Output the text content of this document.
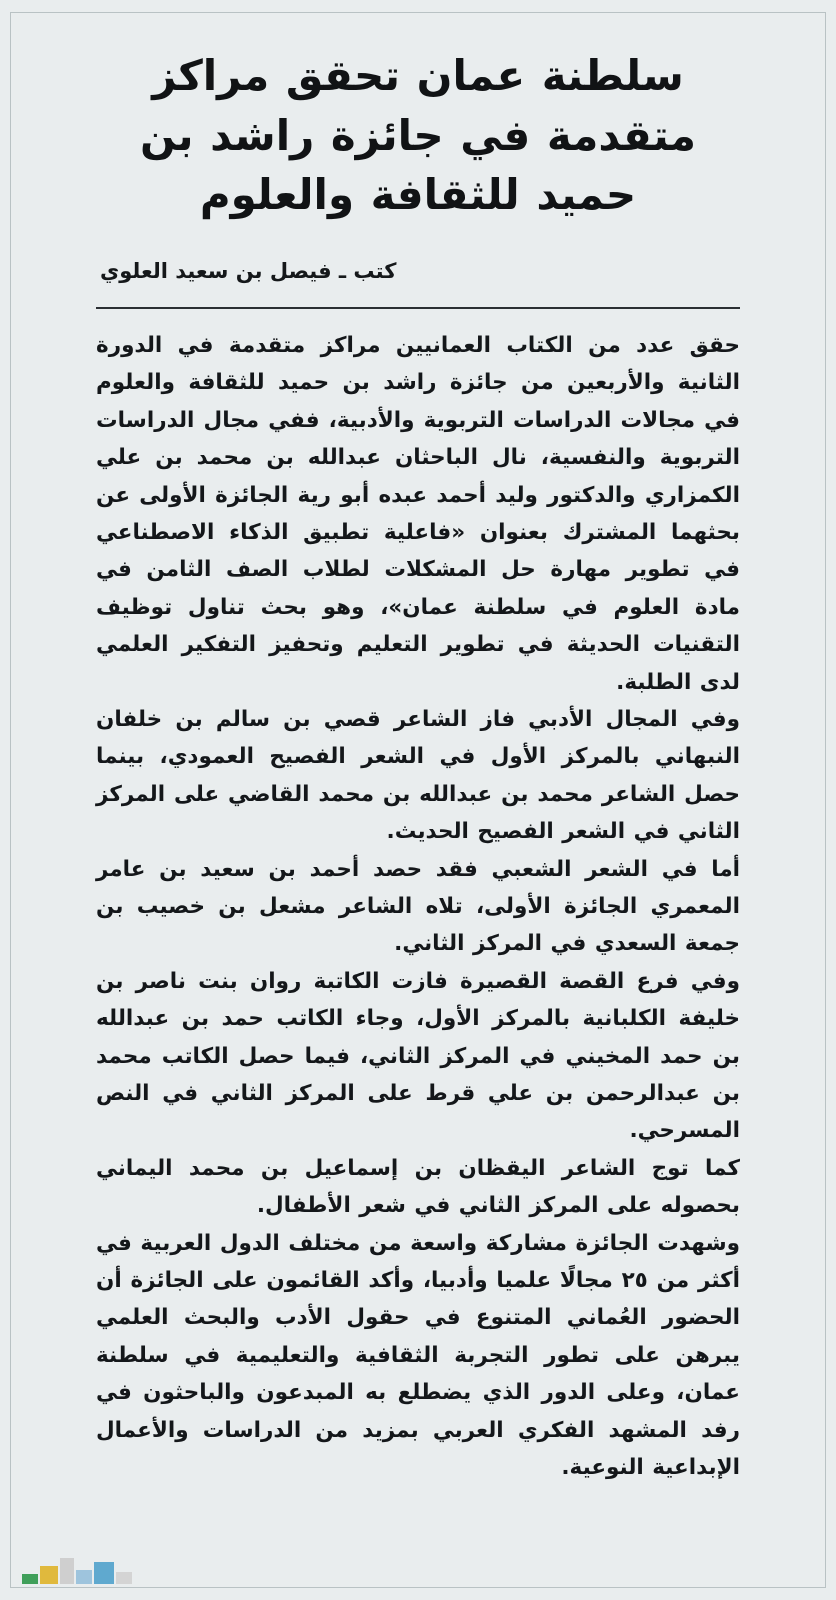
سلطنة عمان تحقق مراكز متقدمة في جائزة راشد بن حميد للثقافة والعلوم
كتب ـ فيصل بن سعيد العلوي

حقق عدد من الكتاب العمانيين مراكز متقدمة في الدورة الثانية والأربعين من جائزة راشد بن حميد للثقافة والعلوم في مجالات الدراسات التربوية والأدبية، ففي مجال الدراسات التربوية والنفسية، نال الباحثان عبدالله بن محمد بن علي الكمزاري والدكتور وليد أحمد عبده أبو رية الجائزة الأولى عن بحثهما المشترك بعنوان «فاعلية تطبيق الذكاء الاصطناعي في تطوير مهارة حل المشكلات لطلاب الصف الثامن في مادة العلوم في سلطنة عمان»، وهو بحث تناول توظيف التقنيات الحديثة في تطوير التعليم وتحفيز التفكير العلمي لدى الطلبة.

وفي المجال الأدبي فاز الشاعر قصي بن سالم بن خلفان النبهاني بالمركز الأول في الشعر الفصيح العمودي، بينما حصل الشاعر محمد بن عبدالله بن محمد القاضي على المركز الثاني في الشعر الفصيح الحديث.

أما في الشعر الشعبي فقد حصد أحمد بن سعيد بن عامر المعمري الجائزة الأولى، تلاه الشاعر مشعل بن خصيب بن جمعة السعدي في المركز الثاني.

وفي فرع القصة القصيرة فازت الكاتبة روان بنت ناصر بن خليفة الكلبانية بالمركز الأول، وجاء الكاتب حمد بن عبدالله بن حمد المخيني في المركز الثاني، فيما حصل الكاتب محمد بن عبدالرحمن بن علي قرط على المركز الثاني في النص المسرحي.

كما توج الشاعر اليقظان بن إسماعيل بن محمد اليماني بحصوله على المركز الثاني في شعر الأطفال.

وشهدت الجائزة مشاركة واسعة من مختلف الدول العربية في أكثر من ٢٥ مجالًا علميا وأدبيا، وأكد القائمون على الجائزة أن الحضور العُماني المتنوع في حقول الأدب والبحث العلمي يبرهن على تطور التجربة الثقافية والتعليمية في سلطنة عمان، وعلى الدور الذي يضطلع به المبدعون والباحثون في رفد المشهد الفكري العربي بمزيد من الدراسات والأعمال الإبداعية النوعية.
